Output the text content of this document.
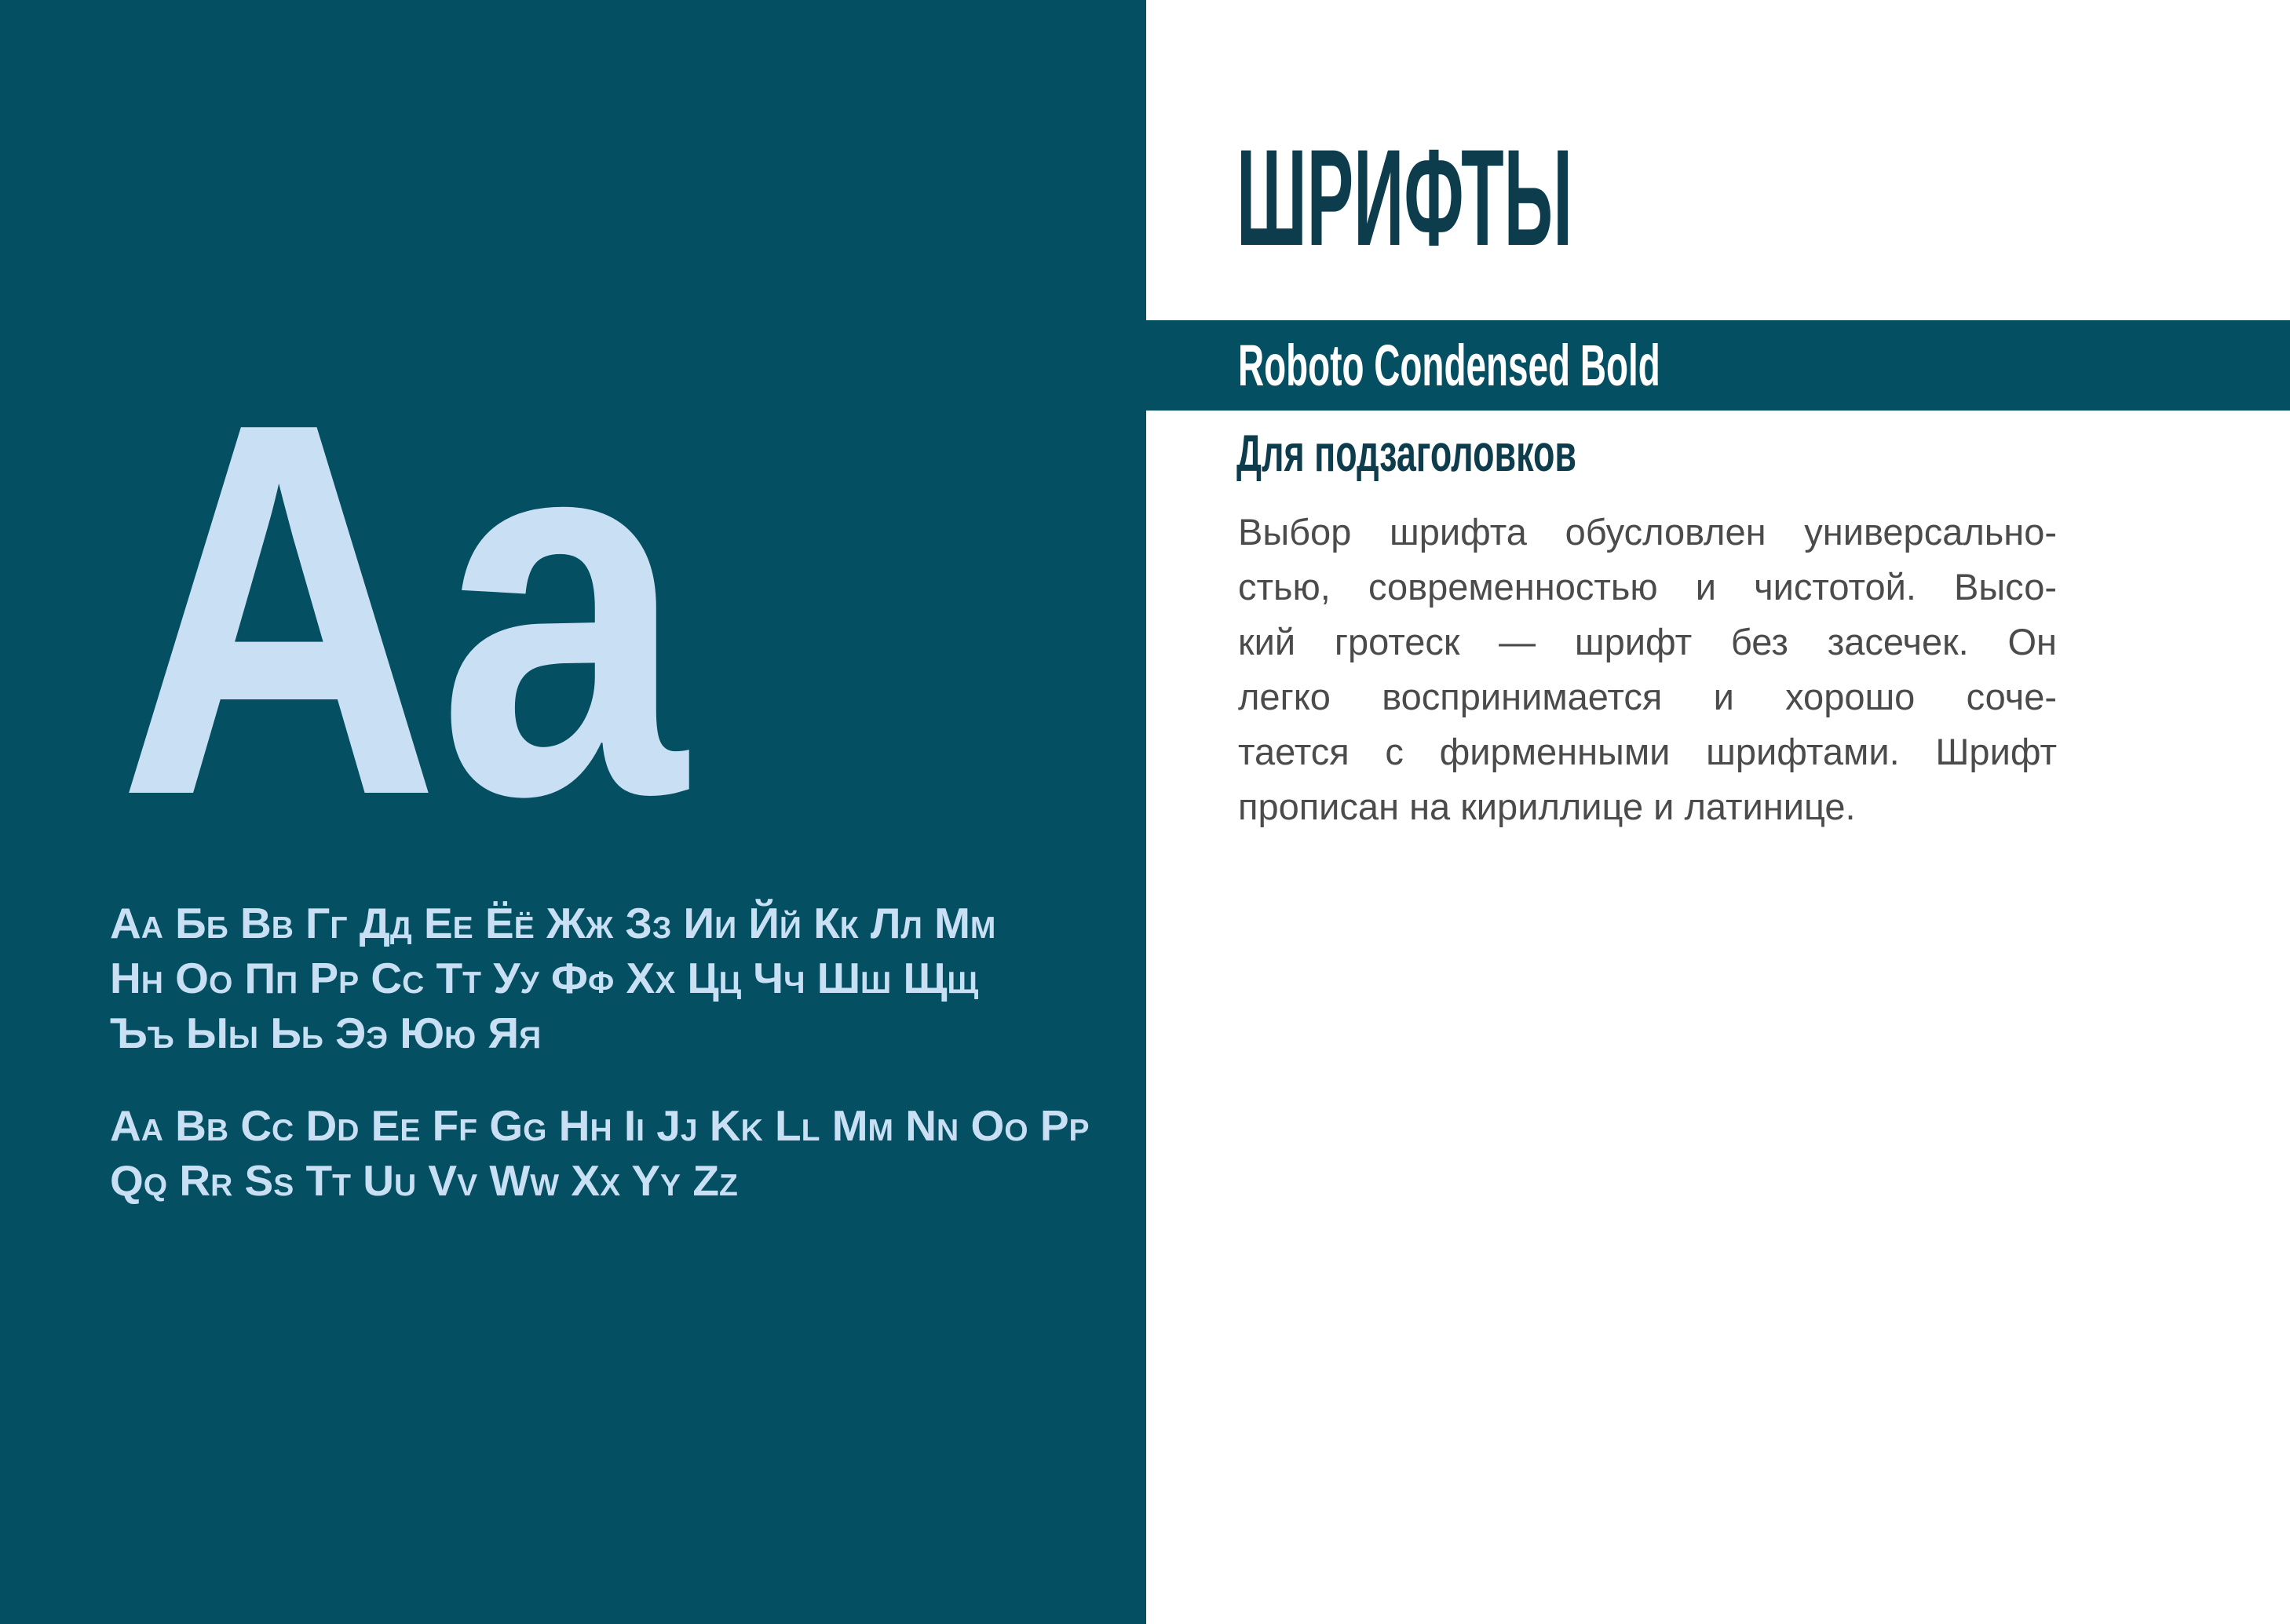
Aa
Аа Бб Вв Гг Дд Ее Ёё Жж Зз Ии Йй Кк Лл Мм
Нн Оо Пп Рр Сс Тт Уу Фф Хх Цц Чч Шш Щщ
Ъъ Ыы Ьь Ээ Юю Яя
Aa Bb Cc Dd Ee Ff Gg Hh Ii Jj Kk Ll Mm Nn Oo Pp
Qq Rr Ss Tt Uu Vv Ww Xx Yy Zz
ШРИФТЫ
Roboto Condensed Bold
Для подзаголовков
Выбор шрифта обусловлен универсально-
стью, современностью и чистотой. Высо-
кий гротеск — шрифт без засечек. Он
легко воспринимается и хорошо соче-
тается с фирменными шрифтами. Шрифт
прописан на кириллице и латинице.
